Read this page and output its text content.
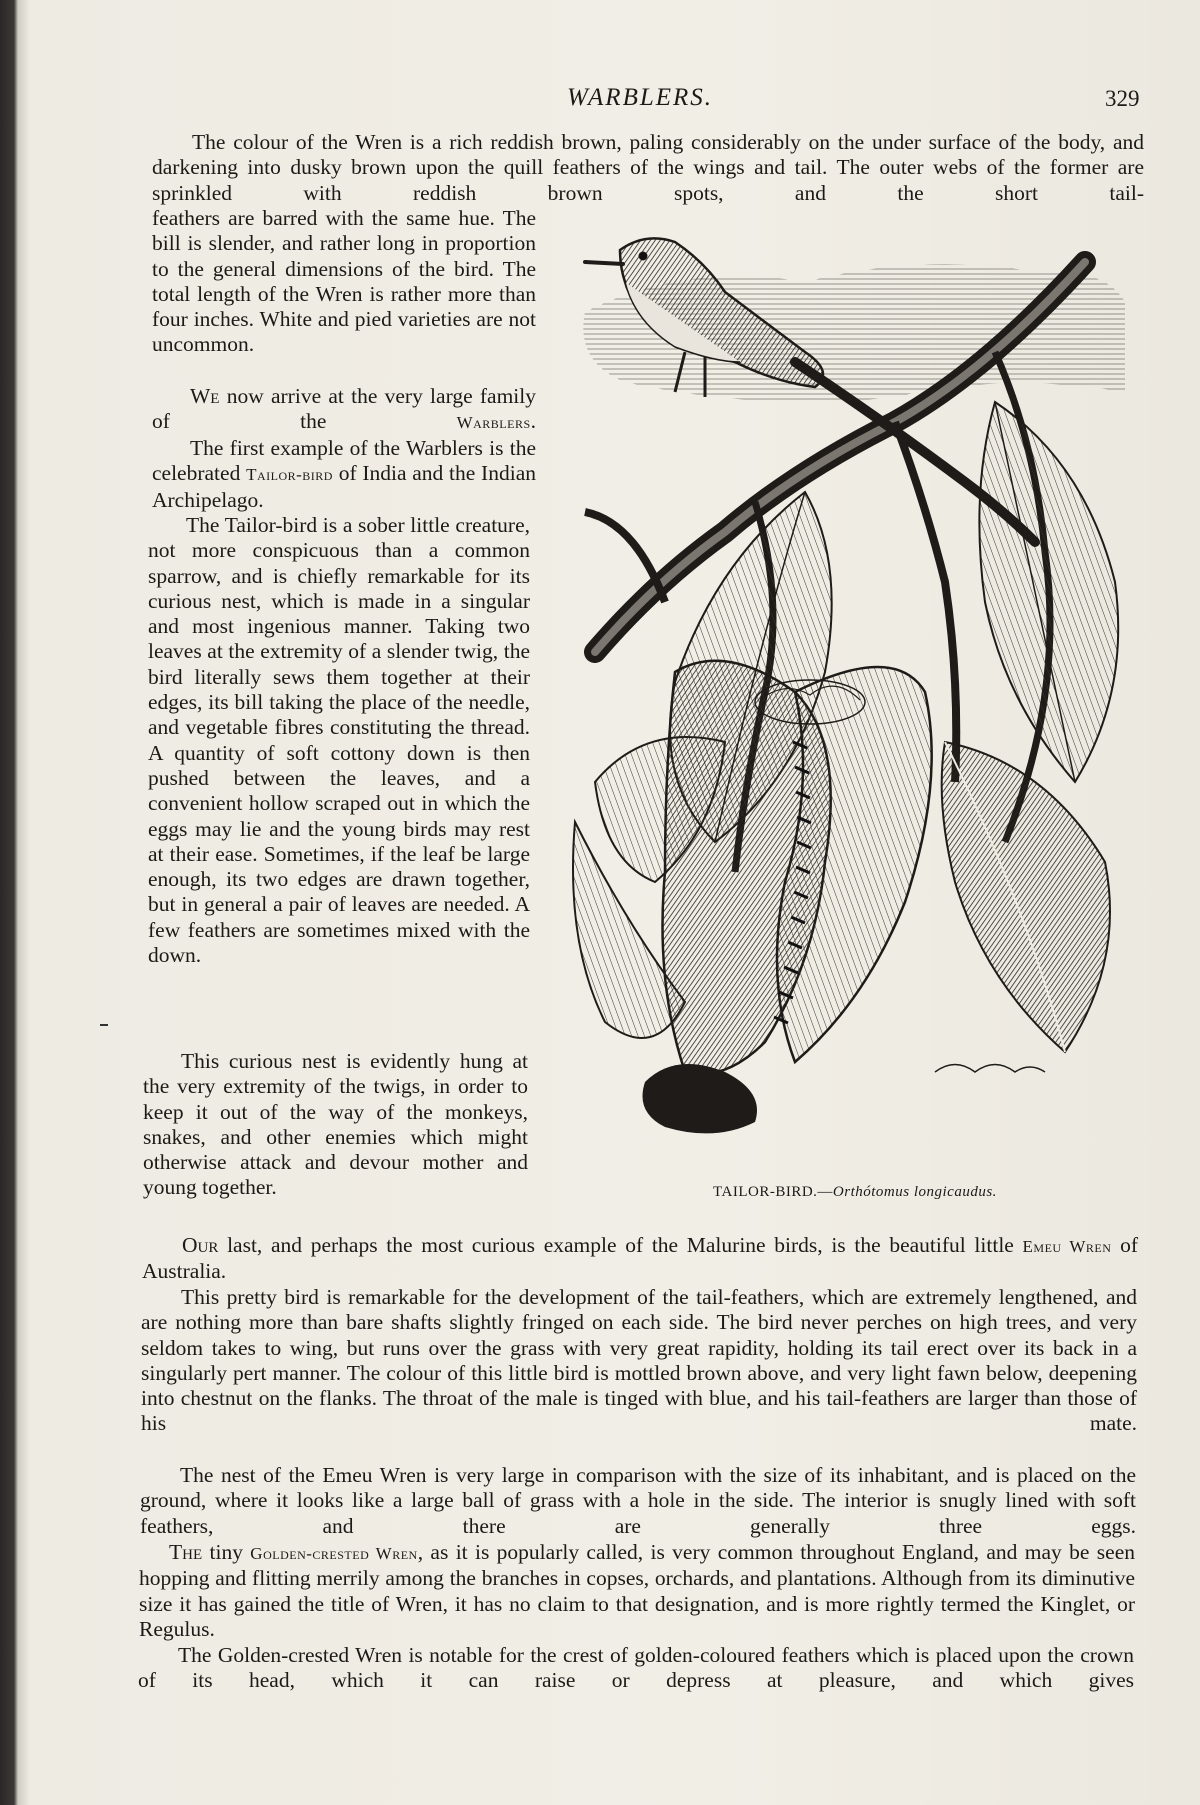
WARBLERS.	329

The colour of the Wren is a rich reddish brown, paling considerably on the under surface of the body, and darkening into dusky brown upon the quill feathers of the wings and tail. The outer webs of the former are sprinkled with reddish brown spots, and the short tail-

feathers are barred with the same hue. The bill is slender, and rather long in proportion to the general dimensions of the bird. The total length of the Wren is rather more than four inches. White and pied varieties are not uncommon.

We now arrive at the very large family of the Warblers.

The first example of the Warblers is the celebrated Tailor-bird of India and the Indian Archipelago.

The Tailor-bird is a sober little creature, not more conspicuous than a common sparrow, and is chiefly remarkable for its curious nest, which is made in a singular and most ingenious manner. Taking two leaves at the extremity of a slender twig, the bird literally sews them together at their edges, its bill taking the place of the needle, and vegetable fibres constituting the thread. A quantity of soft cottony down is then pushed between the leaves, and a convenient hollow scraped out in which the eggs may lie and the young birds may rest at their ease. Sometimes, if the leaf be large enough, its two edges are drawn together, but in general a pair of leaves are needed. A few feathers are sometimes mixed with the down.

This curious nest is evidently hung at the very extremity of the twigs, in order to keep it out of the way of the monkeys, snakes, and other enemies which might otherwise attack and devour mother and young together.

Our last, and perhaps the most curious example of the Malurine birds, is the beautiful little Emeu Wren of Australia.

This pretty bird is remarkable for the development of the tail-feathers, which are extremely lengthened, and are nothing more than bare shafts slightly fringed on each side. The bird never perches on high trees, and very seldom takes to wing, but runs over the grass with very great rapidity, holding its tail erect over its back in a singularly pert manner. The colour of this little bird is mottled brown above, and very light fawn below, deepening into chestnut on the flanks. The throat of the male is tinged with blue, and his tail-feathers are larger than those of his mate.

The nest of the Emeu Wren is very large in comparison with the size of its inhabitant, and is placed on the ground, where it looks like a large ball of grass with a hole in the side. The interior is snugly lined with soft feathers, and there are generally three eggs.

The tiny Golden-crested Wren, as it is popularly called, is very common throughout England, and may be seen hopping and flitting merrily among the branches in copses, orchards, and plantations. Although from its diminutive size it has gained the title of Wren, it has no claim to that designation, and is more rightly termed the Kinglet, or Regulus.

The Golden-crested Wren is notable for the crest of golden-coloured feathers which is placed upon the crown of its head, which it can raise or depress at pleasure, and which gives

TAILOR-BIRD.—Orthótomus longicaudus.
